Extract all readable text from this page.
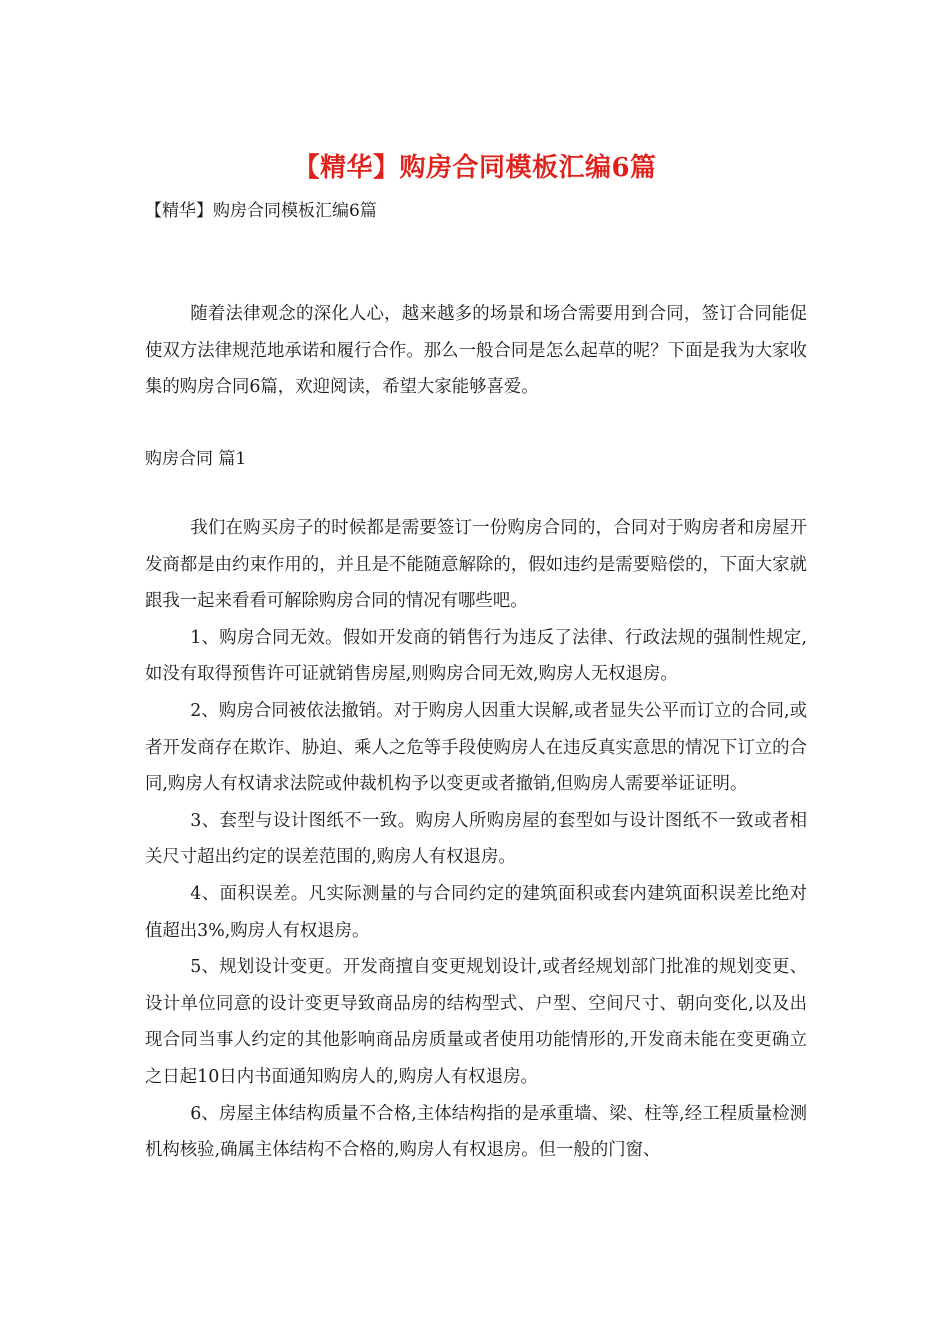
【精华】购房合同模板汇编6篇

【精华】购房合同模板汇编6篇

随着法律观念的深化人心，越来越多的场景和场合需要用到合同，签订合同能促使双方法律规范地承诺和履行合作。那么一般合同是怎么起草的呢？下面是我为大家收集的购房合同6篇，欢迎阅读，希望大家能够喜爱。

购房合同 篇1

我们在购买房子的时候都是需要签订一份购房合同的，合同对于购房者和房屋开发商都是由约束作用的，并且是不能随意解除的，假如违约是需要赔偿的，下面大家就跟我一起来看看可解除购房合同的情况有哪些吧。

1、购房合同无效。假如开发商的销售行为违反了法律、行政法规的强制性规定,如没有取得预售许可证就销售房屋,则购房合同无效,购房人无权退房。

2、购房合同被依法撤销。对于购房人因重大误解,或者显失公平而订立的合同,或者开发商存在欺诈、胁迫、乘人之危等手段使购房人在违反真实意思的情况下订立的合同,购房人有权请求法院或仲裁机构予以变更或者撤销,但购房人需要举证证明。

3、套型与设计图纸不一致。购房人所购房屋的套型如与设计图纸不一致或者相关尺寸超出约定的误差范围的,购房人有权退房。

4、面积误差。凡实际测量的与合同约定的建筑面积或套内建筑面积误差比绝对值超出3%,购房人有权退房。

5、规划设计变更。开发商擅自变更规划设计,或者经规划部门批准的规划变更、设计单位同意的设计变更导致商品房的结构型式、户型、空间尺寸、朝向变化,以及出现合同当事人约定的其他影响商品房质量或者使用功能情形的,开发商未能在变更确立之日起10日内书面通知购房人的,购房人有权退房。

6、房屋主体结构质量不合格,主体结构指的是承重墙、梁、柱等,经工程质量检测机构核验,确属主体结构不合格的,购房人有权退房。但一般的门窗、
